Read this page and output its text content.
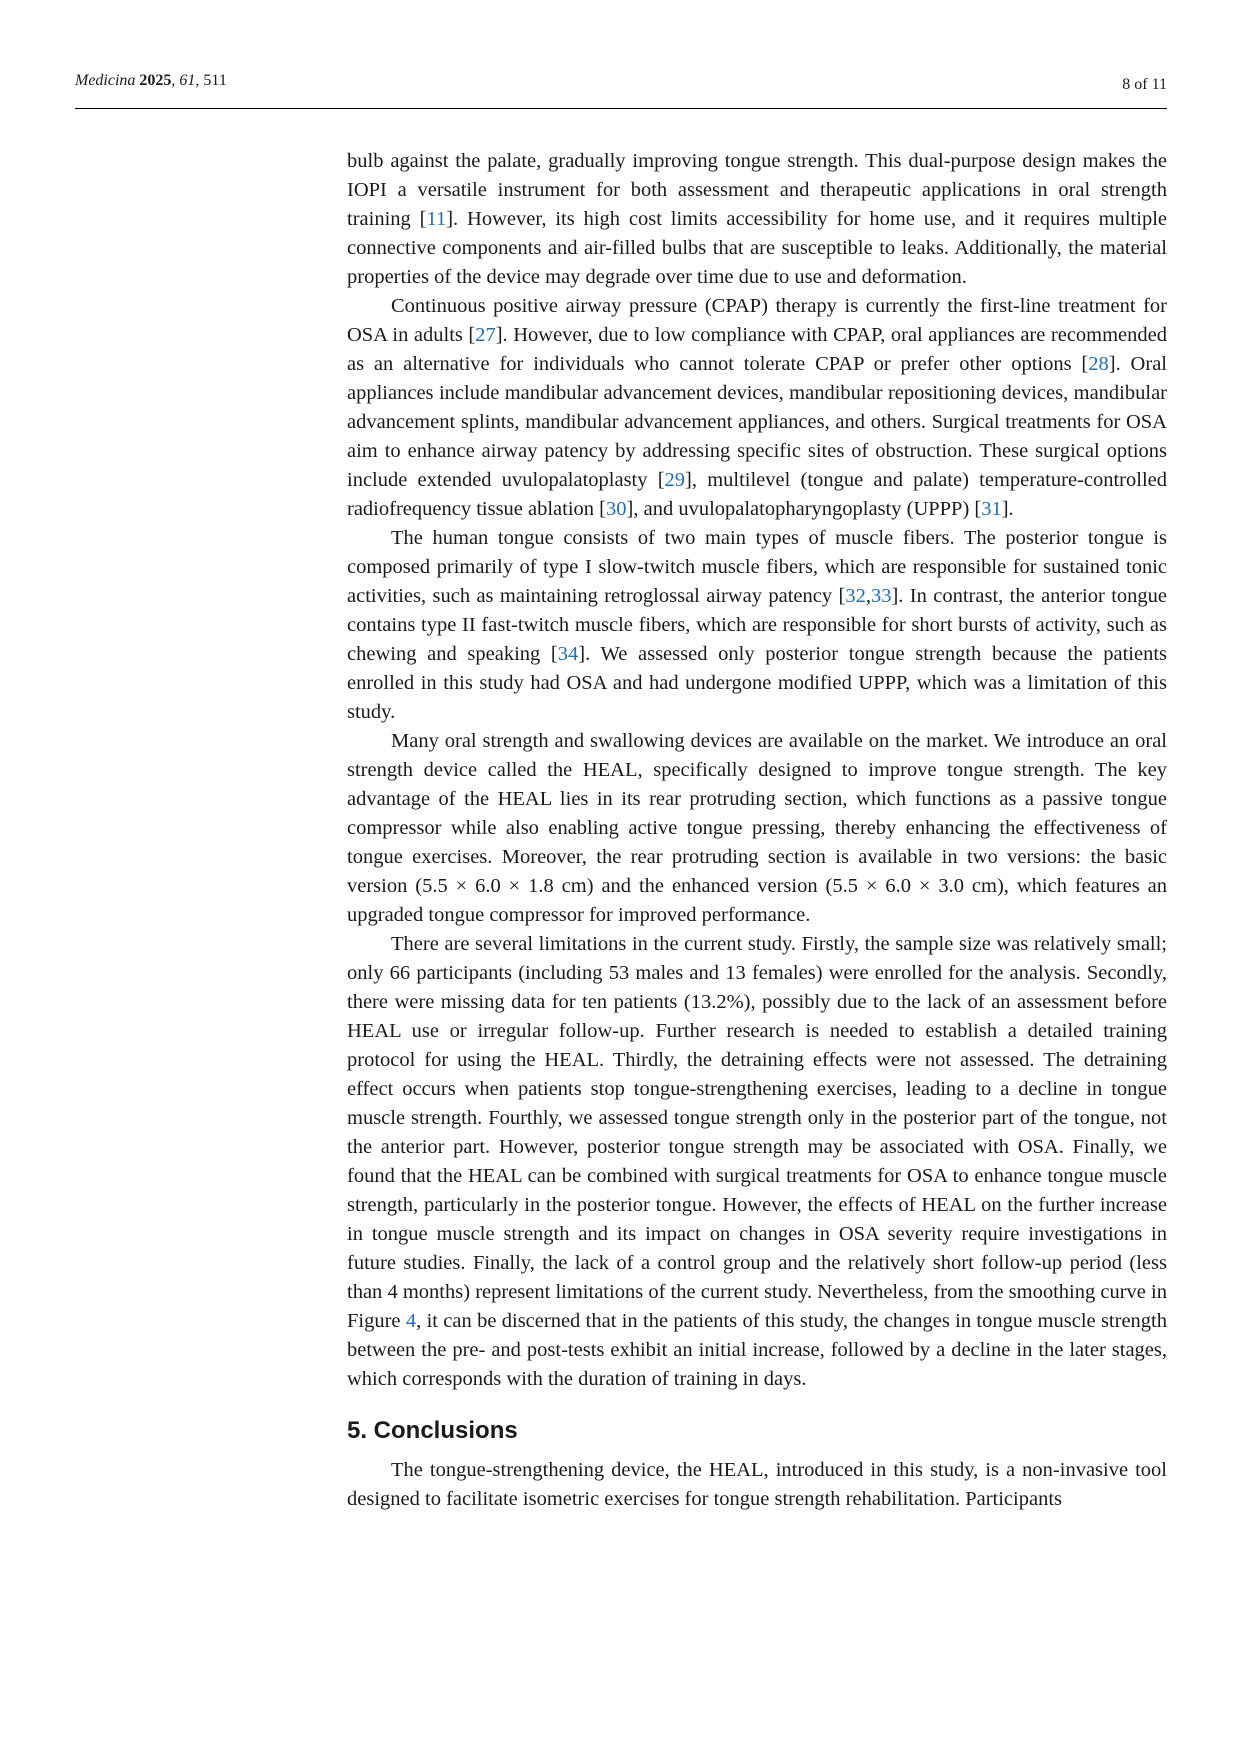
Medicina 2025, 61, 511	8 of 11

bulb against the palate, gradually improving tongue strength. This dual-purpose design makes the IOPI a versatile instrument for both assessment and therapeutic applications in oral strength training [11]. However, its high cost limits accessibility for home use, and it requires multiple connective components and air-filled bulbs that are susceptible to leaks. Additionally, the material properties of the device may degrade over time due to use and deformation.

Continuous positive airway pressure (CPAP) therapy is currently the first-line treatment for OSA in adults [27]. However, due to low compliance with CPAP, oral appliances are recommended as an alternative for individuals who cannot tolerate CPAP or prefer other options [28]. Oral appliances include mandibular advancement devices, mandibular repositioning devices, mandibular advancement splints, mandibular advancement appliances, and others. Surgical treatments for OSA aim to enhance airway patency by addressing specific sites of obstruction. These surgical options include extended uvulopalatoplasty [29], multilevel (tongue and palate) temperature-controlled radiofrequency tissue ablation [30], and uvulopalatopharyngoplasty (UPPP) [31].

The human tongue consists of two main types of muscle fibers. The posterior tongue is composed primarily of type I slow-twitch muscle fibers, which are responsible for sustained tonic activities, such as maintaining retroglossal airway patency [32,33]. In contrast, the anterior tongue contains type II fast-twitch muscle fibers, which are responsible for short bursts of activity, such as chewing and speaking [34]. We assessed only posterior tongue strength because the patients enrolled in this study had OSA and had undergone modified UPPP, which was a limitation of this study.

Many oral strength and swallowing devices are available on the market. We introduce an oral strength device called the HEAL, specifically designed to improve tongue strength. The key advantage of the HEAL lies in its rear protruding section, which functions as a passive tongue compressor while also enabling active tongue pressing, thereby enhancing the effectiveness of tongue exercises. Moreover, the rear protruding section is available in two versions: the basic version (5.5 × 6.0 × 1.8 cm) and the enhanced version (5.5 × 6.0 × 3.0 cm), which features an upgraded tongue compressor for improved performance.

There are several limitations in the current study. Firstly, the sample size was relatively small; only 66 participants (including 53 males and 13 females) were enrolled for the analysis. Secondly, there were missing data for ten patients (13.2%), possibly due to the lack of an assessment before HEAL use or irregular follow-up. Further research is needed to establish a detailed training protocol for using the HEAL. Thirdly, the detraining effects were not assessed. The detraining effect occurs when patients stop tongue-strengthening exercises, leading to a decline in tongue muscle strength. Fourthly, we assessed tongue strength only in the posterior part of the tongue, not the anterior part. However, posterior tongue strength may be associated with OSA. Finally, we found that the HEAL can be combined with surgical treatments for OSA to enhance tongue muscle strength, particularly in the posterior tongue. However, the effects of HEAL on the further increase in tongue muscle strength and its impact on changes in OSA severity require investigations in future studies. Finally, the lack of a control group and the relatively short follow-up period (less than 4 months) represent limitations of the current study. Nevertheless, from the smoothing curve in Figure 4, it can be discerned that in the patients of this study, the changes in tongue muscle strength between the pre- and post-tests exhibit an initial increase, followed by a decline in the later stages, which corresponds with the duration of training in days.

5. Conclusions

The tongue-strengthening device, the HEAL, introduced in this study, is a non-invasive tool designed to facilitate isometric exercises for tongue strength rehabilitation. Participants
